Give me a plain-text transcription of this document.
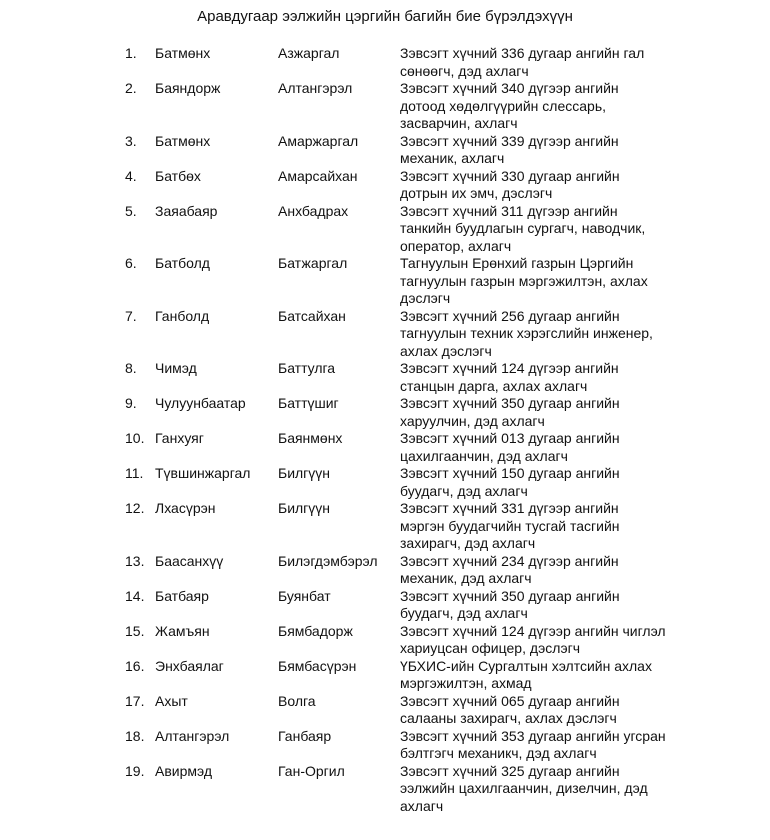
Аравдугаар ээлжийн цэргийн багийн бие бүрэлдэхүүн
1.	Батмөнх	Азжаргал	Зэвсэгт хүчний 336 дугаар ангийн гал
сөнөөгч, дэд ахлагч
2.	Баяндорж	Алтангэрэл	Зэвсэгт хүчний 340 дүгээр ангийн
дотоод хөдөлгүүрийн слессарь,
засварчин, ахлагч
3.	Батмөнх	Амаржаргал	Зэвсэгт хүчний 339 дүгээр ангийн
механик, ахлагч
4.	Батбөх	Амарсайхан	Зэвсэгт хүчний 330 дугаар ангийн
дотрын их эмч, дэслэгч
5.	Заяабаяр	Анхбадрах	Зэвсэгт хүчний 311 дүгээр ангийн
танкийн буудлагын сургагч, наводчик,
оператор, ахлагч
6.	Батболд	Батжаргал	Тагнуулын Ерөнхий газрын Цэргийн
тагнуулын газрын мэргэжилтэн, ахлах
дэслэгч
7.	Ганболд	Батсайхан	Зэвсэгт хүчний 256 дугаар ангийн
тагнуулын техник хэрэгслийн инженер,
ахлах дэслэгч
8.	Чимэд	Баттулга	Зэвсэгт хүчний 124 дүгээр ангийн
станцын дарга, ахлах ахлагч
9.	Чулуунбаатар	Баттүшиг	Зэвсэгт хүчний 350 дугаар ангийн
харуулчин, дэд ахлагч
10. Ганхуяг	Баянмөнх	Зэвсэгт хүчний 013 дугаар ангийн
цахилгаанчин, дэд ахлагч
11. Түвшинжаргал	Билгүүн	Зэвсэгт хүчний 150 дугаар ангийн
буудагч, дэд ахлагч
12. Лхасүрэн	Билгүүн	Зэвсэгт хүчний 331 дүгээр ангийн
мэргэн буудагчийн тусгай тасгийн
захирагч, дэд ахлагч
13. Баасанхүү	Билэгдэмбэрэл	Зэвсэгт хүчний 234 дүгээр ангийн
механик, дэд ахлагч
14. Батбаяр	Буянбат	Зэвсэгт хүчний 350 дугаар ангийн
буудагч, дэд ахлагч
15. Жамъян	Бямбадорж	Зэвсэгт хүчний 124 дүгээр ангийн чиглэл
хариуцсан офицер, дэслэгч
16. Энхбаялаг	Бямбасүрэн	ҮБХИС-ийн Сургалтын хэлтсийн ахлах
мэргэжилтэн, ахмад
17. Ахыт	Волга	Зэвсэгт хүчний 065 дугаар ангийн
салааны захирагч, ахлах дэслэгч
18. Алтангэрэл	Ганбаяр	Зэвсэгт хүчний 353 дугаар ангийн угсран
бэлтгэгч механикч, дэд ахлагч
19. Авирмэд	Ган-Оргил	Зэвсэгт хүчний 325 дугаар ангийн
ээлжийн цахилгаанчин, дизелчин, дэд
ахлагч
